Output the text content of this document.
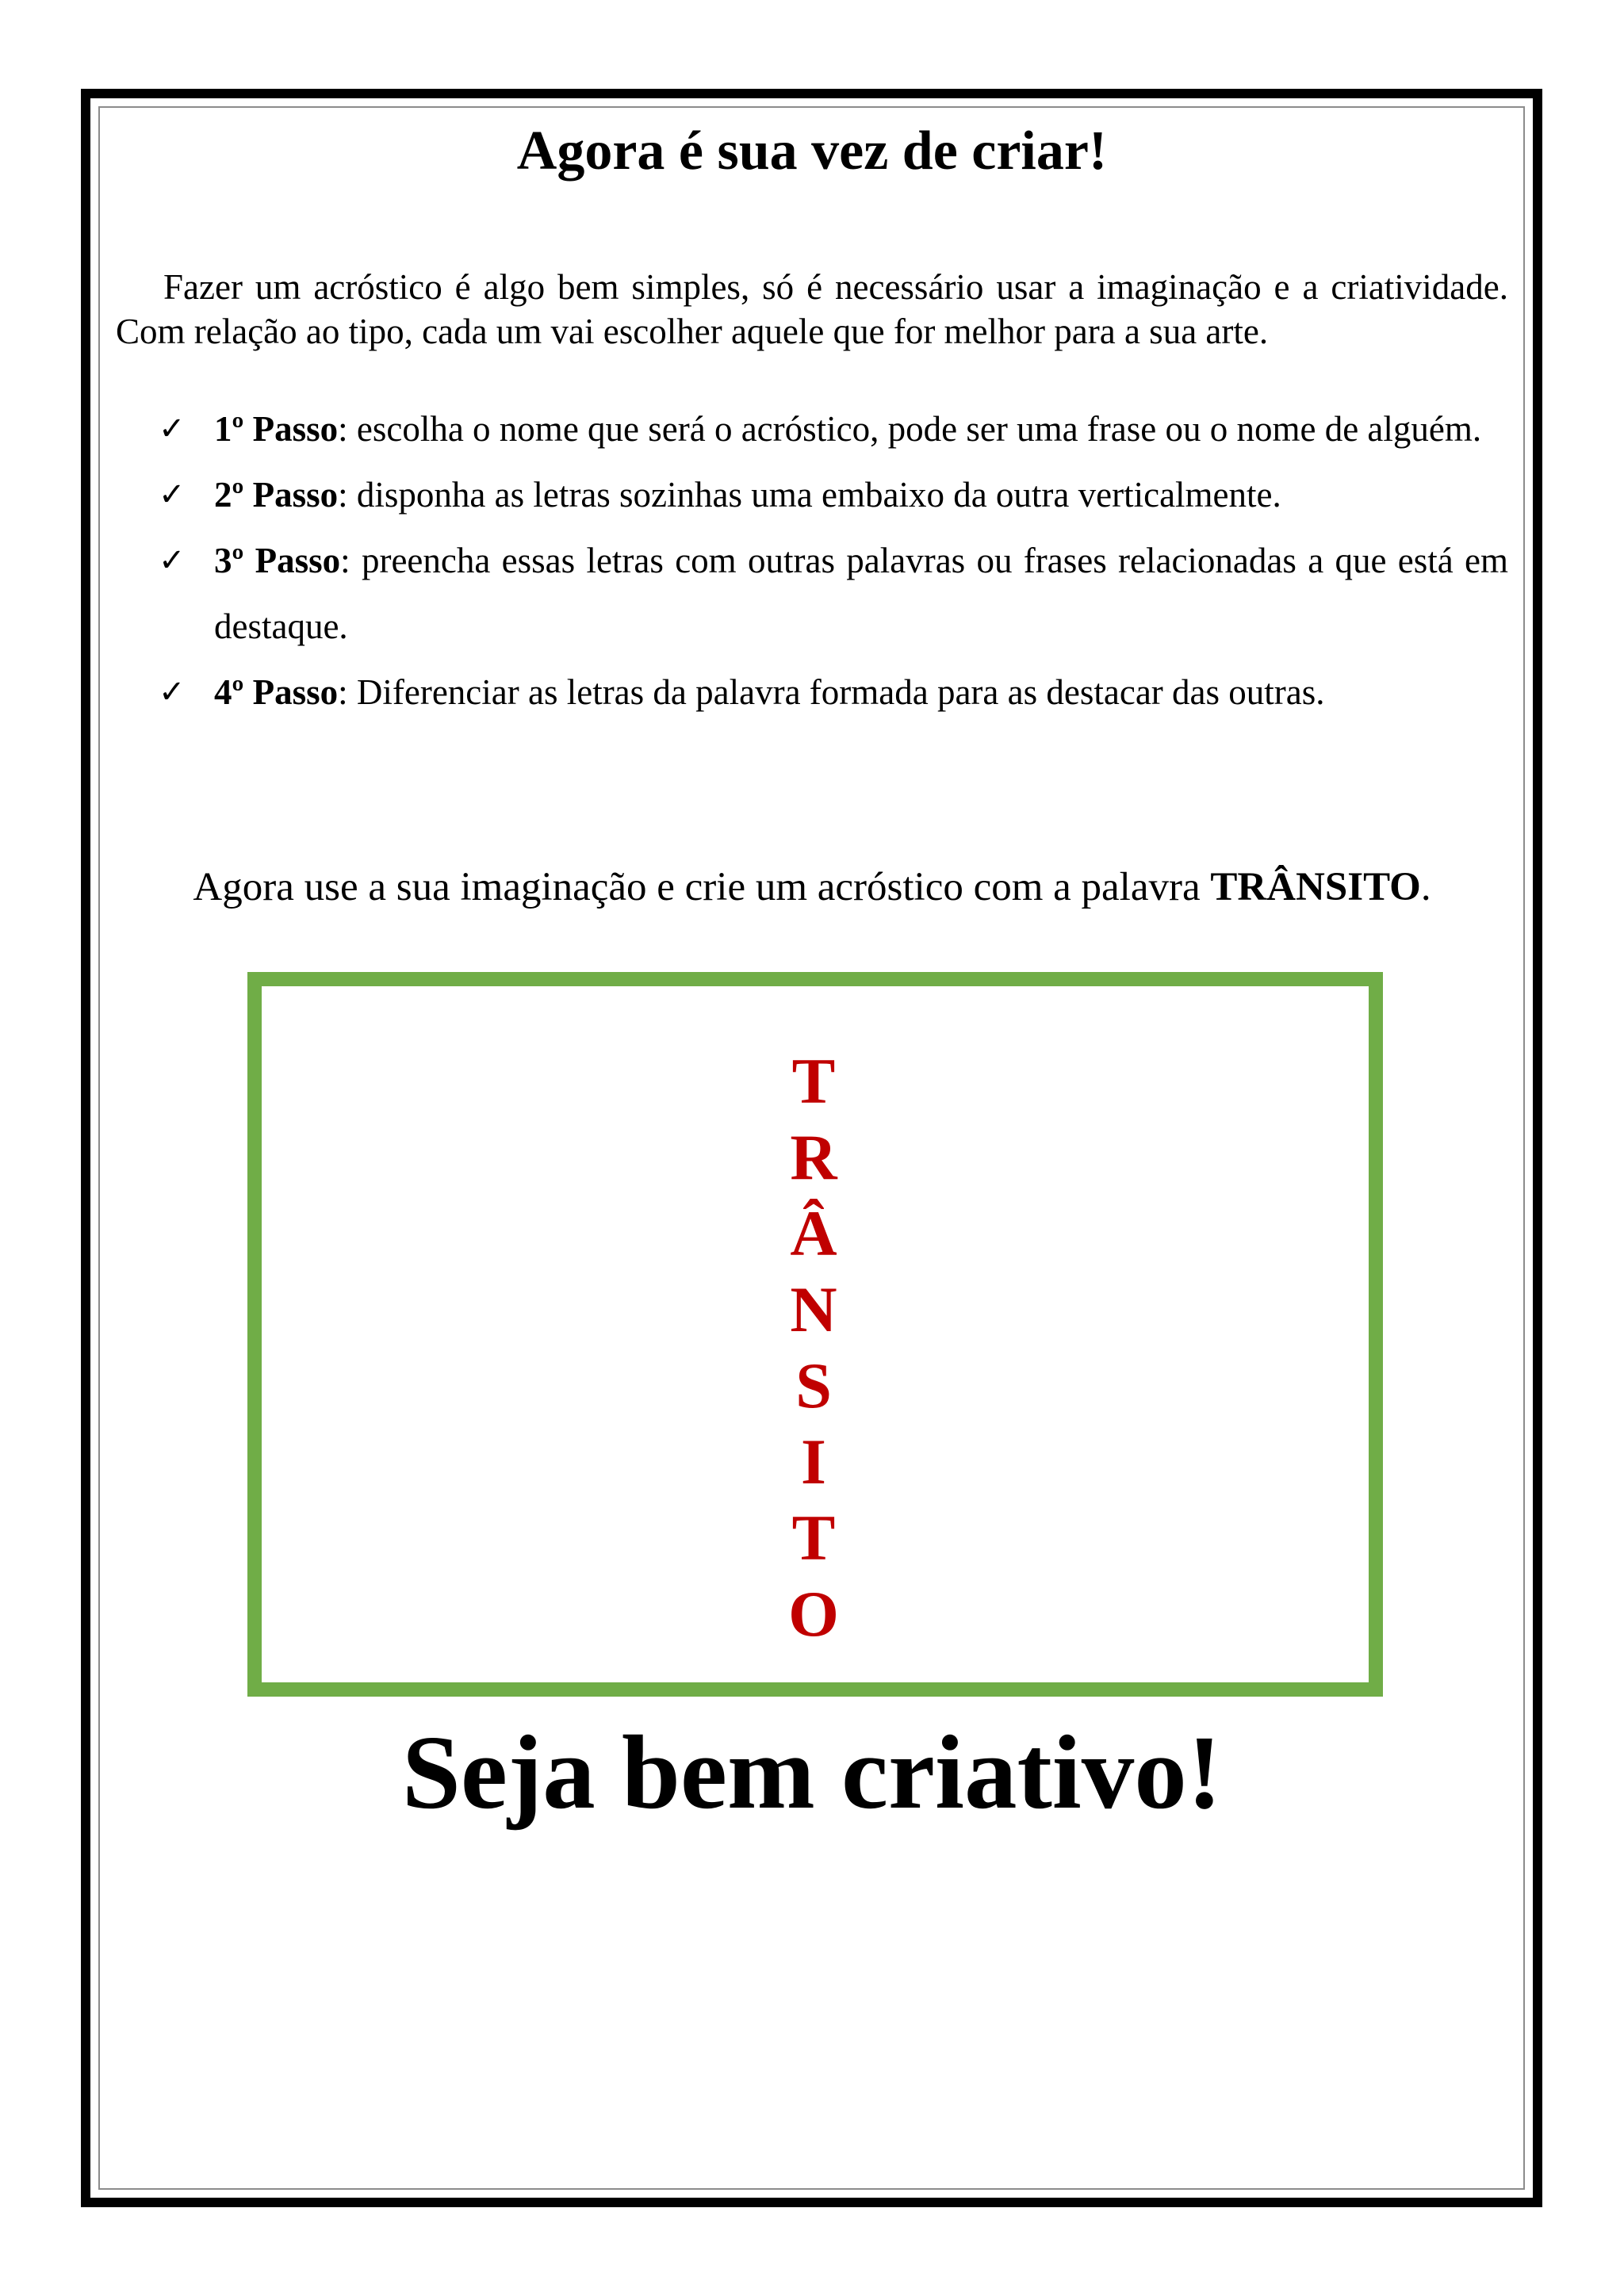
Agora é sua vez de criar!

Fazer um acróstico é algo bem simples, só é necessário usar a imaginação e a criatividade. Com relação ao tipo, cada um vai escolher aquele que for melhor para a sua arte.

✓ 1º Passo: escolha o nome que será o acróstico, pode ser uma frase ou o nome de alguém.
✓ 2º Passo: disponha as letras sozinhas uma embaixo da outra verticalmente.
✓ 3º Passo: preencha essas letras com outras palavras ou frases relacionadas a que está em destaque.
✓ 4º Passo: Diferenciar as letras da palavra formada para as destacar das outras.

Agora use a sua imaginação e crie um acróstico com a palavra TRÂNSITO.

T
R
Â
N
S
I
T
O
Seja bem criativo!
